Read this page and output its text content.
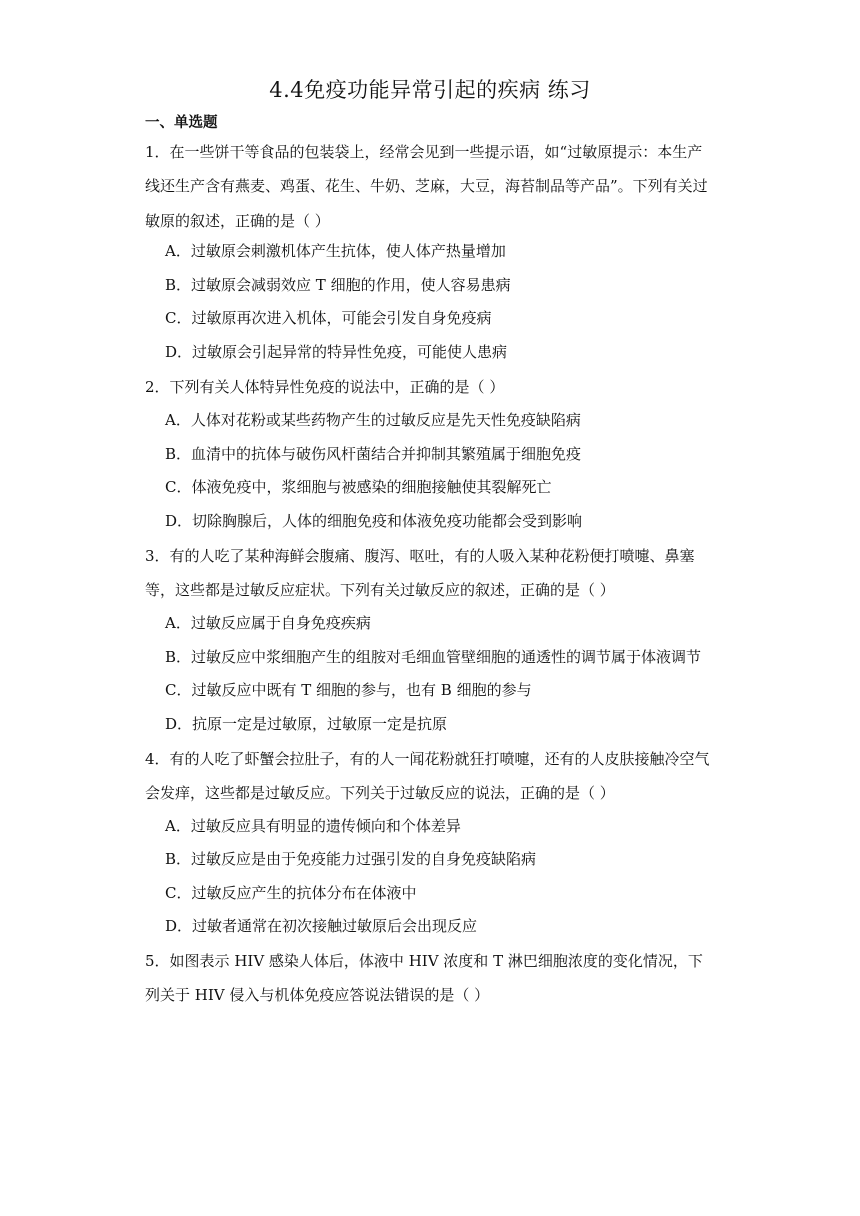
4.4免疫功能异常引起的疾病 练习
一、单选题
1．在一些饼干等食品的包装袋上，经常会见到一些提示语，如“过敏原提示：本生产线还生产含有燕麦、鸡蛋、花生、牛奶、芝麻，大豆，海苔制品等产品”。下列有关过敏原的叙述，正确的是（ ）
A．过敏原会刺激机体产生抗体，使人体产热量增加
B．过敏原会减弱效应 T 细胞的作用，使人容易患病
C．过敏原再次进入机体，可能会引发自身免疫病
D．过敏原会引起异常的特异性免疫，可能使人患病
2．下列有关人体特异性免疫的说法中，正确的是（ ）
A．人体对花粉或某些药物产生的过敏反应是先天性免疫缺陷病
B．血清中的抗体与破伤风杆菌结合并抑制其繁殖属于细胞免疫
C．体液免疫中，浆细胞与被感染的细胞接触使其裂解死亡
D．切除胸腺后，人体的细胞免疫和体液免疫功能都会受到影响
3．有的人吃了某种海鲜会腹痛、腹泻、呕吐，有的人吸入某种花粉便打喷嚏、鼻塞等，这些都是过敏反应症状。下列有关过敏反应的叙述，正确的是（ ）
A．过敏反应属于自身免疫疾病
B．过敏反应中浆细胞产生的组胺对毛细血管壁细胞的通透性的调节属于体液调节
C．过敏反应中既有 T 细胞的参与，也有 B 细胞的参与
D．抗原一定是过敏原，过敏原一定是抗原
4．有的人吃了虾蟹会拉肚子，有的人一闻花粉就狂打喷嚏，还有的人皮肤接触冷空气会发痒，这些都是过敏反应。下列关于过敏反应的说法，正确的是（ ）
A．过敏反应具有明显的遗传倾向和个体差异
B．过敏反应是由于免疫能力过强引发的自身免疫缺陷病
C．过敏反应产生的抗体分布在体液中
D．过敏者通常在初次接触过敏原后会出现反应
5．如图表示 HIV 感染人体后，体液中 HIV 浓度和 T 淋巴细胞浓度的变化情况，下列关于 HIV 侵入与机体免疫应答说法错误的是（ ）
